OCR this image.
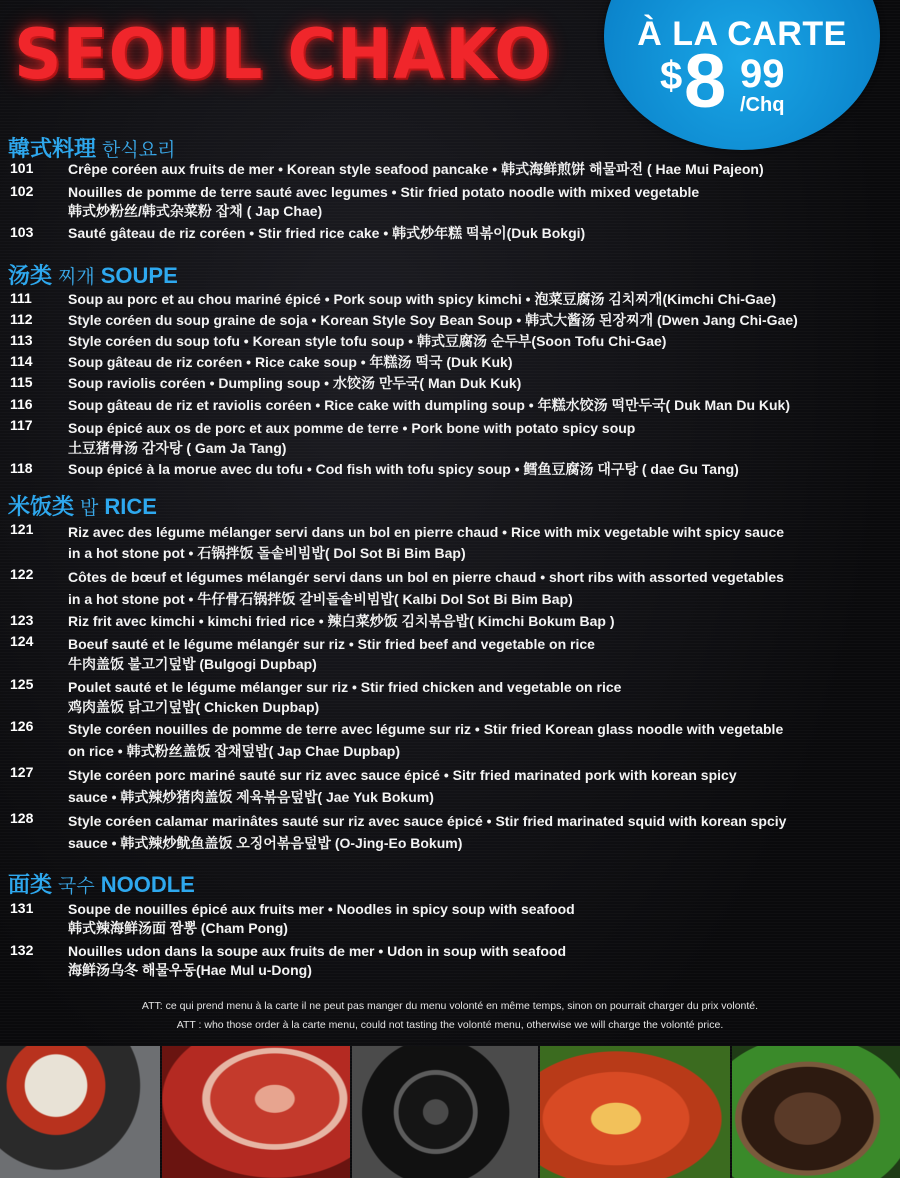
SEOUL CHAKO	À LA CARTE
$ 8 99
/Chq
韓式料理 한식요리
101 Crêpe coréen aux fruits de mer • Korean style seafood pancake • 韩式海鲜煎饼 해물파전 ( Hae Mui Pajeon)
102 Nouilles de pomme de terre sauté avec legumes • Stir fried potato noodle with mixed vegetable
韩式炒粉丝/韩式杂菜粉 잡채 ( Jap Chae)
103 Sauté gâteau de riz coréen • Stir fried rice cake • 韩式炒年糕 떡볶이(Duk Bokgi)
汤类 찌개 SOUPE
111	Soup au porc et au chou mariné épicé • Pork soup with spicy kimchi • 泡菜豆腐汤 김치찌개(Kimchi Chi-Gae)
112	Style coréen du soup graine de soja • Korean Style Soy Bean Soup • 韩式大酱汤 된장찌개 (Dwen Jang Chi-Gae)
113	Style coréen du soup tofu • Korean style tofu soup • 韩式豆腐汤 순두부(Soon Tofu Chi-Gae)
114	Soup gâteau de riz coréen • Rice cake soup • 年糕汤 떡국 (Duk Kuk)
115	Soup raviolis coréen • Dumpling soup • 水饺汤 만두국( Man Duk Kuk)
116	Soup gâteau de riz et raviolis coréen • Rice cake with dumpling soup • 年糕水饺汤 떡만두국( Duk Man Du Kuk)
117	Soup épicé aux os de porc et aux pomme de terre • Pork bone with potato spicy soup
土豆猪骨汤 감자탕 ( Gam Ja Tang)
118	Soup épicé à la morue avec du tofu • Cod fish with tofu spicy soup • 鳕鱼豆腐汤 대구탕 ( dae Gu Tang)
米饭类 밥 RICE
121 Riz avec des légume mélanger servi dans un bol en pierre chaud • Rice with mix vegetable wiht spicy sauce
in a hot stone pot • 石锅拌饭 돌솥비빔밥( Dol Sot Bi Bim Bap)
122 Côtes de bœuf et légumes mélangér servi dans un bol en pierre chaud • short ribs with assorted vegetables
in a hot stone pot • 牛仔骨石锅拌饭 갈비돌솥비빔밥( Kalbi Dol Sot Bi Bim Bap)
123 Riz frit avec kimchi • kimchi fried rice • 辣白菜炒饭 김치볶음밥( Kimchi Bokum Bap )
124 Boeuf sauté et le légume mélangér sur riz • Stir fried beef and vegetable on rice
牛肉盖饭 불고기덮밥 (Bulgogi Dupbap)
125 Poulet sauté et le légume mélanger sur riz • Stir fried chicken and vegetable on rice
鸡肉盖饭 닭고기덮밥( Chicken Dupbap)
126 Style coréen nouilles de pomme de terre avec légume sur riz • Stir fried Korean glass noodle with vegetable
on rice • 韩式粉丝盖饭 잡채덮밥( Jap Chae Dupbap)
127 Style coréen porc mariné sauté sur riz avec sauce épicé • Sitr fried marinated pork with korean spicy
sauce • 韩式辣炒猪肉盖饭 제육볶음덮밥( Jae Yuk Bokum)
128 Style coréen calamar marinâtes sauté sur riz avec sauce épicé • Stir fried marinated squid with korean spciy
sauce • 韩式辣炒鱿鱼盖饭 오징어볶음덮밥 (O-Jing-Eo Bokum)
面类 국수 NOODLE
131 Soupe de nouilles épicé aux fruits mer • Noodles in spicy soup with seafood
韩式辣海鲜汤面 짬뽕 (Cham Pong)
132 Nouilles udon dans la soupe aux fruits de mer • Udon in soup with seafood
海鲜汤乌冬 해물우동(Hae Mul u-Dong)
ATT: ce qui prend menu à la carte il ne peut pas manger du menu volonté en même temps, sinon on pourrait charger du prix volonté.
ATT : who those order à la carte menu, could not tasting the volonté menu, otherwise we will charge the volonté price.
